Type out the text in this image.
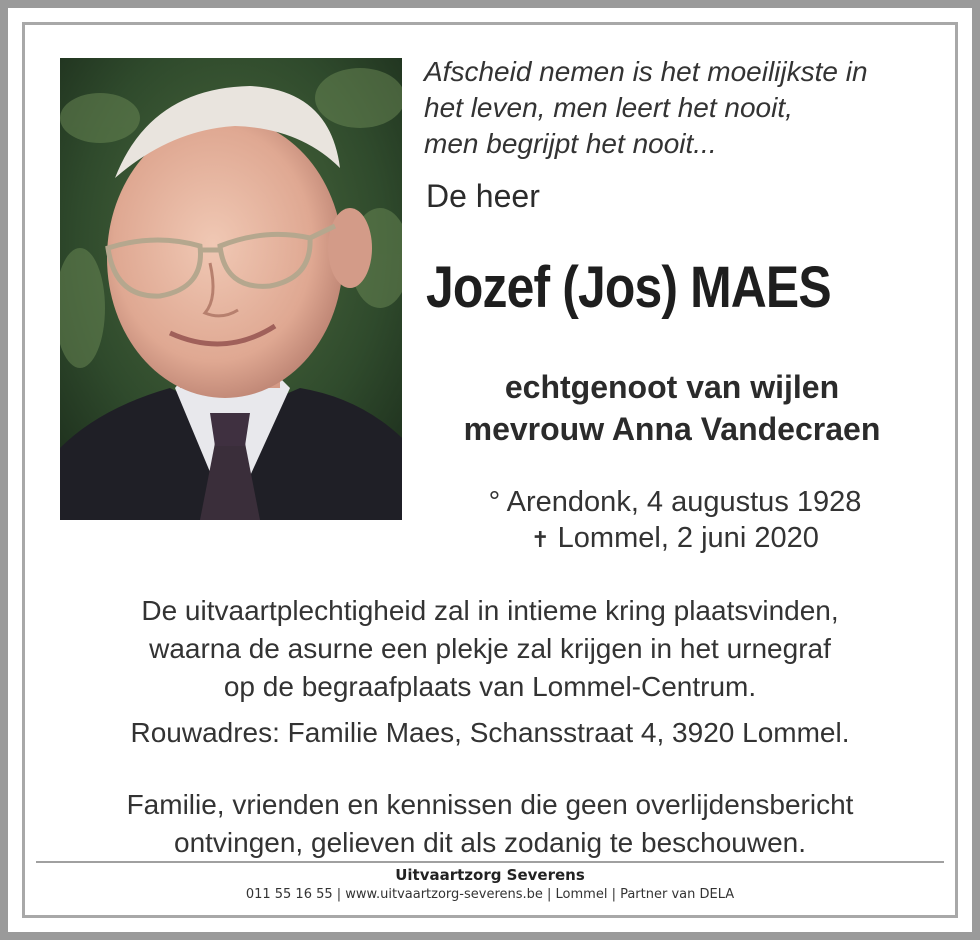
Afscheid nemen is het moeilijkste in
het leven, men leert het nooit,
men begrijpt het nooit...
De heer
Jozef (Jos) MAES
echtgenoot van wijlen
mevrouw Anna Vandecraen
° Arendonk, 4 augustus 1928
✝ Lommel, 2 juni 2020
De uitvaartplechtigheid zal in intieme kring plaatsvinden,
waarna de asurne een plekje zal krijgen in het urnegraf
op de begraafplaats van Lommel-Centrum.
Rouwadres: Familie Maes, Schansstraat 4, 3920 Lommel.
Familie, vrienden en kennissen die geen overlijdensbericht
ontvingen, gelieven dit als zodanig te beschouwen.
Uitvaartzorg Severens
011 55 16 55 | www.uitvaartzorg-severens.be | Lommel | Partner van DELA
